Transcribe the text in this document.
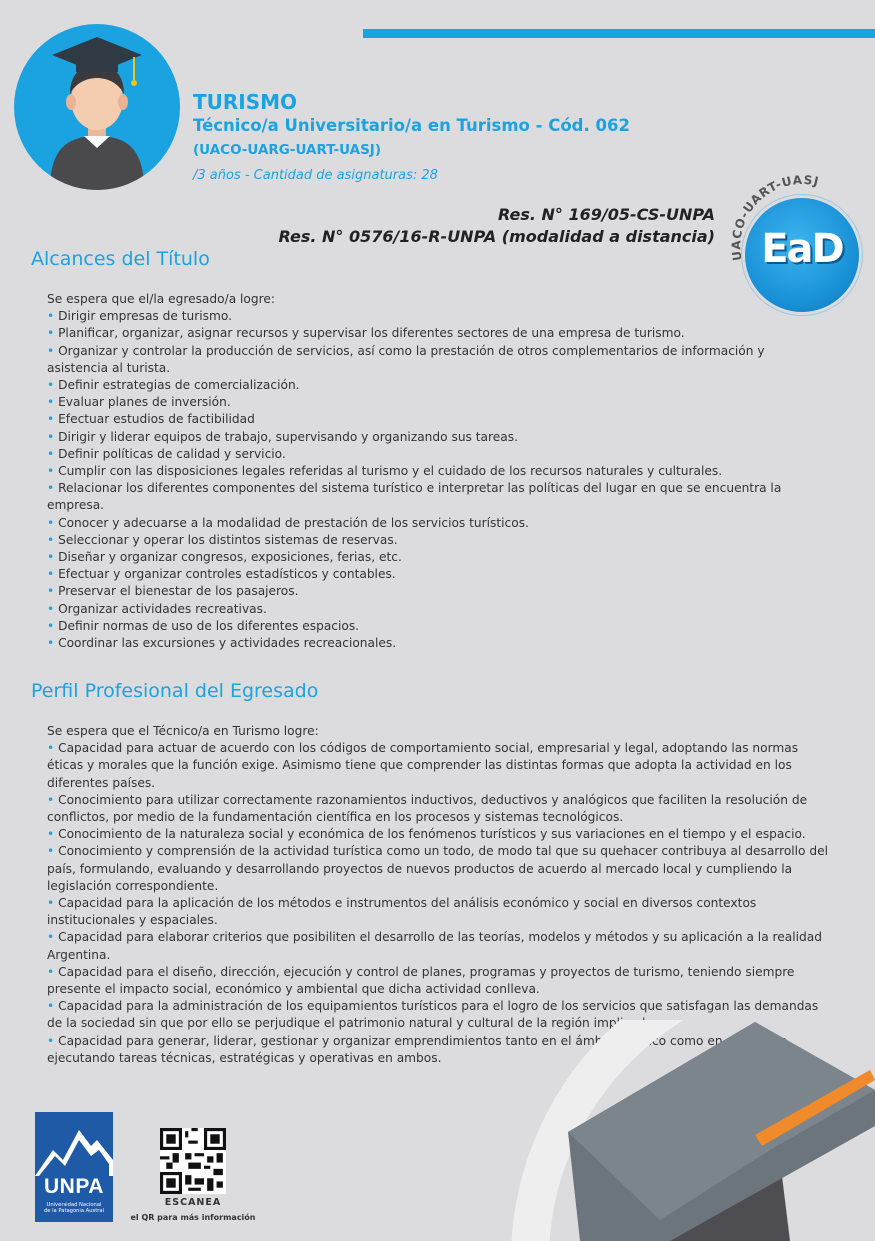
TURISMO
Técnico/a Universitario/a en Turismo - Cód. 062
(UACO-UARG-UART-UASJ)
/3 años - Cantidad de asignaturas: 28
Res. N° 169/05-CS-UNPA
Res. N° 0576/16-R-UNPA (modalidad a distancia)
UACO-UART-UASJ
EaD
Alcances del Título
Se espera que el/la egresado/a logre:
• Dirigir empresas de turismo.
• Planificar, organizar, asignar recursos y supervisar los diferentes sectores de una empresa de turismo.
• Organizar y controlar la producción de servicios, así como la prestación de otros complementarios de información y asistencia al turista.
• Definir estrategias de comercialización.
• Evaluar planes de inversión.
• Efectuar estudios de factibilidad
• Dirigir y liderar equipos de trabajo, supervisando y organizando sus tareas.
• Definir políticas de calidad y servicio.
• Cumplir con las disposiciones legales referidas al turismo y el cuidado de los recursos naturales y culturales.
• Relacionar los diferentes componentes del sistema turístico e interpretar las políticas del lugar en que se encuentra la empresa.
• Conocer y adecuarse a la modalidad de prestación de los servicios turísticos.
• Seleccionar y operar los distintos sistemas de reservas.
• Diseñar y organizar congresos, exposiciones, ferias, etc.
• Efectuar y organizar controles estadísticos y contables.
• Preservar el bienestar de los pasajeros.
• Organizar actividades recreativas.
• Definir normas de uso de los diferentes espacios.
• Coordinar las excursiones y actividades recreacionales.
Perfil Profesional del Egresado
Se espera que el Técnico/a en Turismo logre:
• Capacidad para actuar de acuerdo con los códigos de comportamiento social, empresarial y legal, adoptando las normas éticas y morales que la función exige. Asimismo tiene que comprender las distintas formas que adopta la actividad en los diferentes países.
• Conocimiento para utilizar correctamente razonamientos inductivos, deductivos y analógicos que faciliten la resolución de conflictos, por medio de la fundamentación científica en los procesos y sistemas tecnológicos.
• Conocimiento de la naturaleza social y económica de los fenómenos turísticos y sus variaciones en el tiempo y el espacio.
• Conocimiento y comprensión de la actividad turística como un todo, de modo tal que su quehacer contribuya al desarrollo del país, formulando, evaluando y desarrollando proyectos de nuevos productos de acuerdo al mercado local y cumpliendo la legislación correspondiente.
• Capacidad para la aplicación de los métodos e instrumentos del análisis económico y social en diversos contextos institucionales y espaciales.
• Capacidad para elaborar criterios que posibiliten el desarrollo de las teorías, modelos y métodos y su aplicación a la realidad Argentina.
• Capacidad para el diseño, dirección, ejecución y control de planes, programas y proyectos de turismo, teniendo siempre presente el impacto social, económico y ambiental que dicha actividad conlleva.
• Capacidad para la administración de los equipamientos turísticos para el logro de los servicios que satisfagan las demandas de la sociedad sin que por ello se perjudique el patrimonio natural y cultural de la región implicada.
• Capacidad para generar, liderar, gestionar y organizar emprendimientos tanto en el ámbito público como en el privado, ejecutando tareas técnicas, estratégicas y operativas en ambos.
UNPA
Universidad Nacional
de la Patagonia Austral
ESCANEA
el QR para más información
